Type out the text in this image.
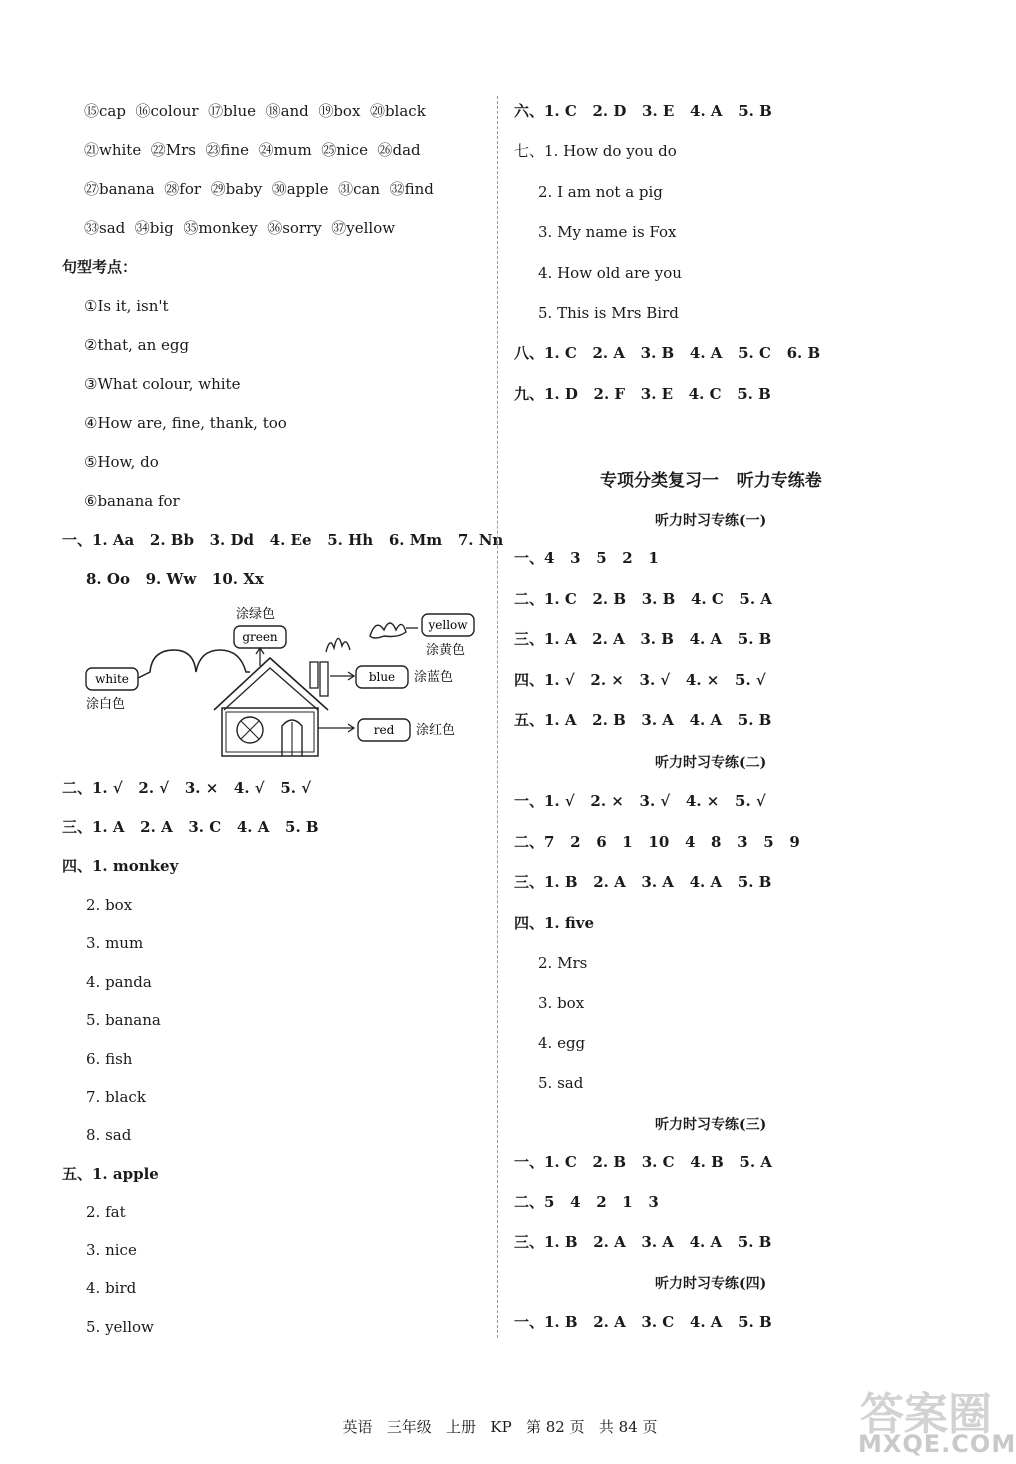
⑮cap  ⑯colour  ⑰blue  ⑱and  ⑲box  ⑳black
㉑white  ㉒Mrs  ㉓fine  ㉔mum  ㉕nice  ㉖dad
㉗banana  ㉘for  ㉙baby  ㉚apple  ㉛can  ㉜find
㉝sad  ㉞big  ㉟monkey  ㊱sorry  ㊲yellow
句型考点：
①Is it, isn't
②that, an egg
③What colour, white
④How are, fine, thank, too
⑤How, do
⑥banana for
一、1. Aa   2. Bb   3. Dd   4. Ee   5. Hh   6. Mm   7. Nn
8. Oo   9. Ww   10. Xx
white
涂白色
涂绿色
green
yellow
涂黄色
blue 涂蓝色
red 涂红色
二、1. √   2. √   3. ×   4. √   5. √
三、1. A   2. A   3. C   4. A   5. B
四、1. monkey
2. box
3. mum
4. panda
5. banana
6. fish
7. black
8. sad
五、1. apple
2. fat
3. nice
4. bird
5. yellow
六、1. C   2. D   3. E   4. A   5. B
七、1. How do you do
2. I am not a pig
3. My name is Fox
4. How old are you
5. This is Mrs Bird
八、1. C   2. A   3. B   4. A   5. C   6. B
九、1. D   2. F   3. E   4. C   5. B
专项分类复习一   听力专练卷
听力时习专练(一)
一、4   3   5   2   1
二、1. C   2. B   3. B   4. C   5. A
三、1. A   2. A   3. B   4. A   5. B
四、1. √   2. ×   3. √   4. ×   5. √
五、1. A   2. B   3. A   4. A   5. B
听力时习专练(二)
一、1. √   2. ×   3. √   4. ×   5. √
二、7   2   6   1   10   4   8   3   5   9
三、1. B   2. A   3. A   4. A   5. B
四、1. five
2. Mrs
3. box
4. egg
5. sad
听力时习专练(三)
一、1. C   2. B   3. C   4. B   5. A
二、5   4   2   1   3
三、1. B   2. A   3. A   4. A   5. B
听力时习专练(四)
一、1. B   2. A   3. C   4. A   5. B
英语   三年级   上册   KP   第 82 页   共 84 页	答案圈
MXQE.COM
